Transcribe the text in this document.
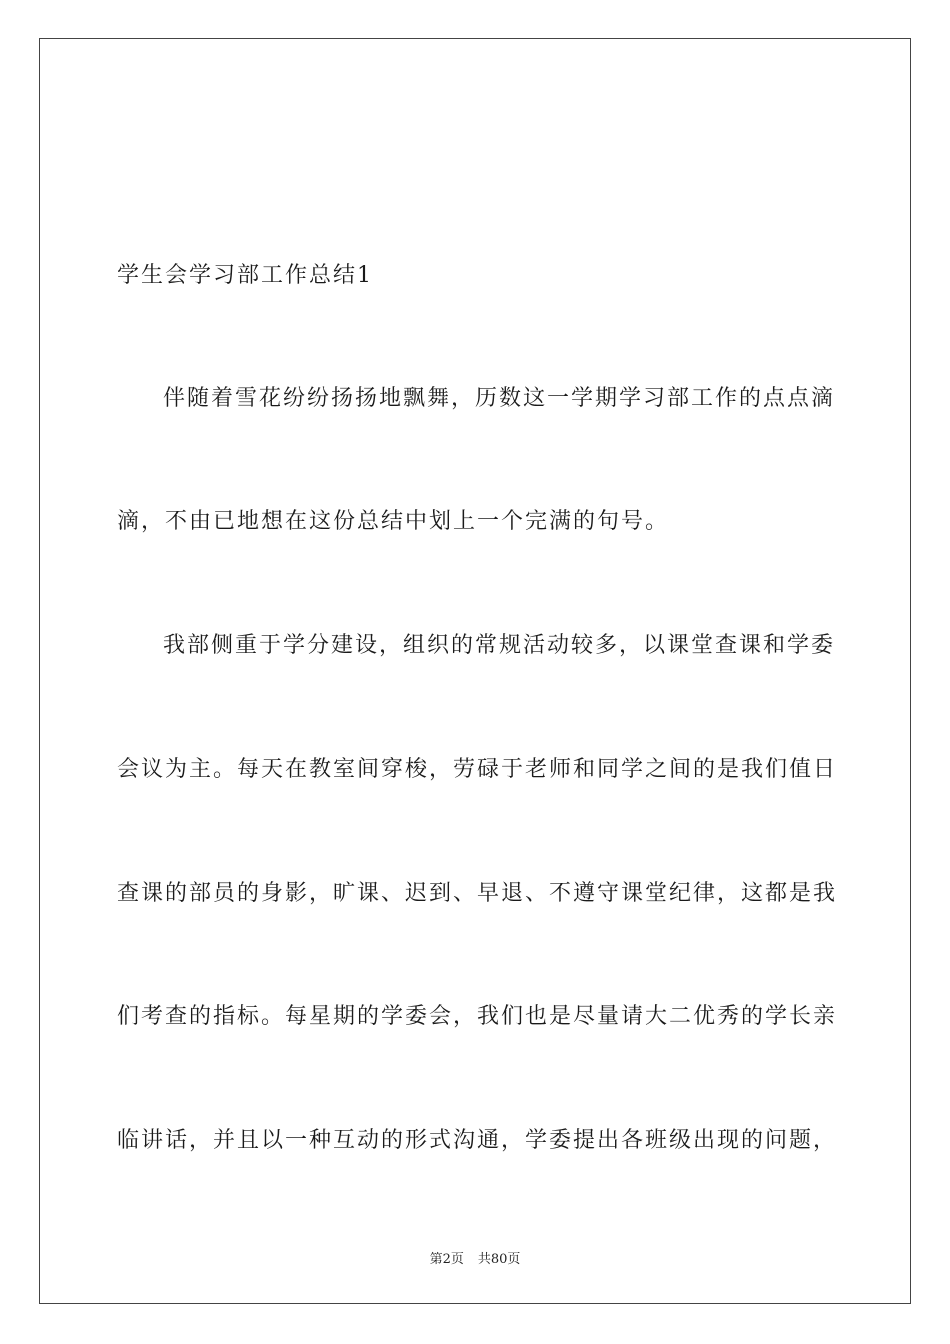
学生会学习部工作总结1
伴随着雪花纷纷扬扬地飘舞，历数这一学期学习部工作的点点滴
滴，不由已地想在这份总结中划上一个完满的句号。
我部侧重于学分建设，组织的常规活动较多，以课堂查课和学委
会议为主。每天在教室间穿梭，劳碌于老师和同学之间的是我们值日
查课的部员的身影，旷课、迟到、早退、不遵守课堂纪律，这都是我
们考查的指标。每星期的学委会，我们也是尽量请大二优秀的学长亲
临讲话，并且以一种互动的形式沟通，学委提出各班级出现的问题，
第2页 共80页
